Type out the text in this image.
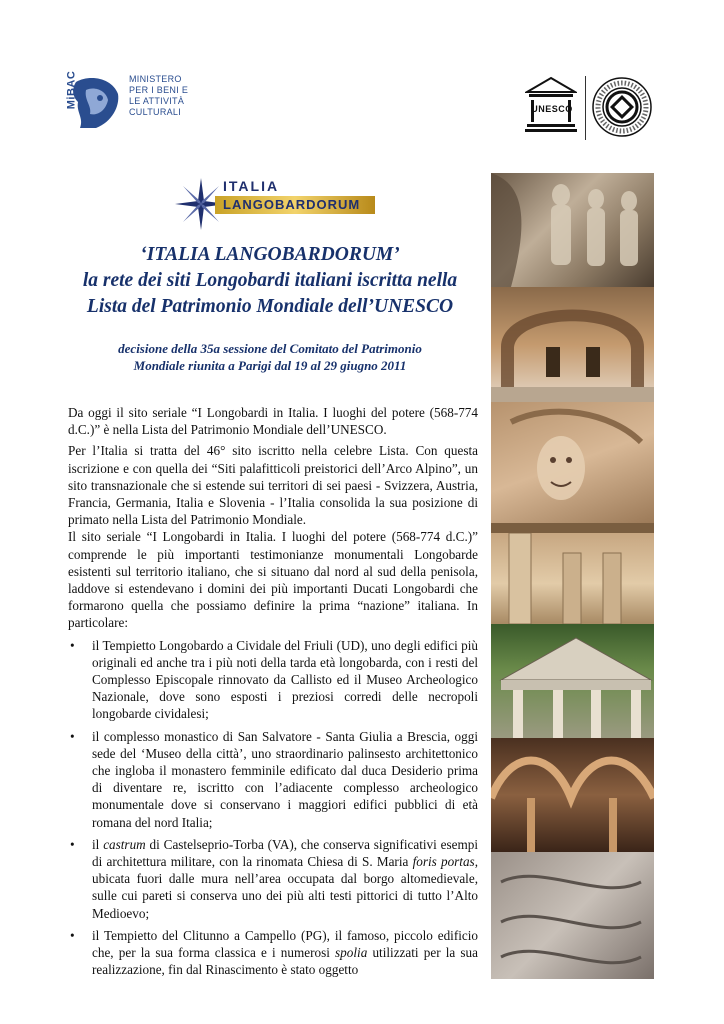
MiBAC	MINISTERO
PER I BENI E
LE ATTIVITÀ
CULTURALI	UNESCO
ITALIA
LANGOBARDORUM
‘ITALIA LANGOBARDORUM’
la rete dei siti Longobardi italiani iscritta nella
Lista del Patrimonio Mondiale dell’UNESCO
decisione della 35a sessione del Comitato del Patrimonio
Mondiale riunita a Parigi dal 19 al 29 giugno 2011

Da oggi il sito seriale “I Longobardi in Italia. I luoghi del potere (568-774 d.C.)” è nella Lista del Patrimonio Mondiale dell’UNESCO.

Per l’Italia si tratta del 46° sito iscritto nella celebre Lista. Con questa iscrizione e con quella dei “Siti palafitticoli preistorici dell’Arco Alpino”, un sito transnazionale che si estende sui territori di sei paesi - Svizzera, Austria, Francia, Germania, Italia e Slovenia - l’Italia consolida la sua posizione di primato nella Lista del Patrimonio Mondiale.

Il sito seriale “I Longobardi in Italia. I luoghi del potere (568-774 d.C.)” comprende le più importanti testimonianze monumentali Longobarde esistenti sul territorio italiano, che si situano dal nord al sud della penisola, laddove si estendevano i domini dei più importanti Ducati Longobardi che formarono quella che possiamo definire la prima “nazione” italiana. In particolare:

• il Tempietto Longobardo a Cividale del Friuli (UD), uno degli edifici più originali ed anche tra i più noti della tarda età longobarda, con i resti del Complesso Episcopale rinnovato da Callisto ed il Museo Archeologico Nazionale, dove sono esposti i preziosi corredi delle necropoli longobarde cividalesi;
• il complesso monastico di San Salvatore - Santa Giulia a Brescia, oggi sede del ‘Museo della città’, uno straordinario palinsesto architettonico che ingloba il monastero femminile edificato dal duca Desiderio prima di diventare re, iscritto con l’adiacente complesso archeologico monumentale dove si conservano i maggiori edifici pubblici di età romana del nord Italia;
• il castrum di Castelseprio-Torba (VA), che conserva significativi esempi di architettura militare, con la rinomata Chiesa di S. Maria foris portas, ubicata fuori dalle mura nell’area occupata dal borgo altomedievale, sulle cui pareti si conserva uno dei più alti testi pittorici di tutto l’Alto Medioevo;
• il Tempietto del Clitunno a Campello (PG), il famoso, piccolo edificio che, per la sua forma classica e i numerosi spolia utilizzati per la sua realizzazione, fin dal Rinascimento è stato oggetto
